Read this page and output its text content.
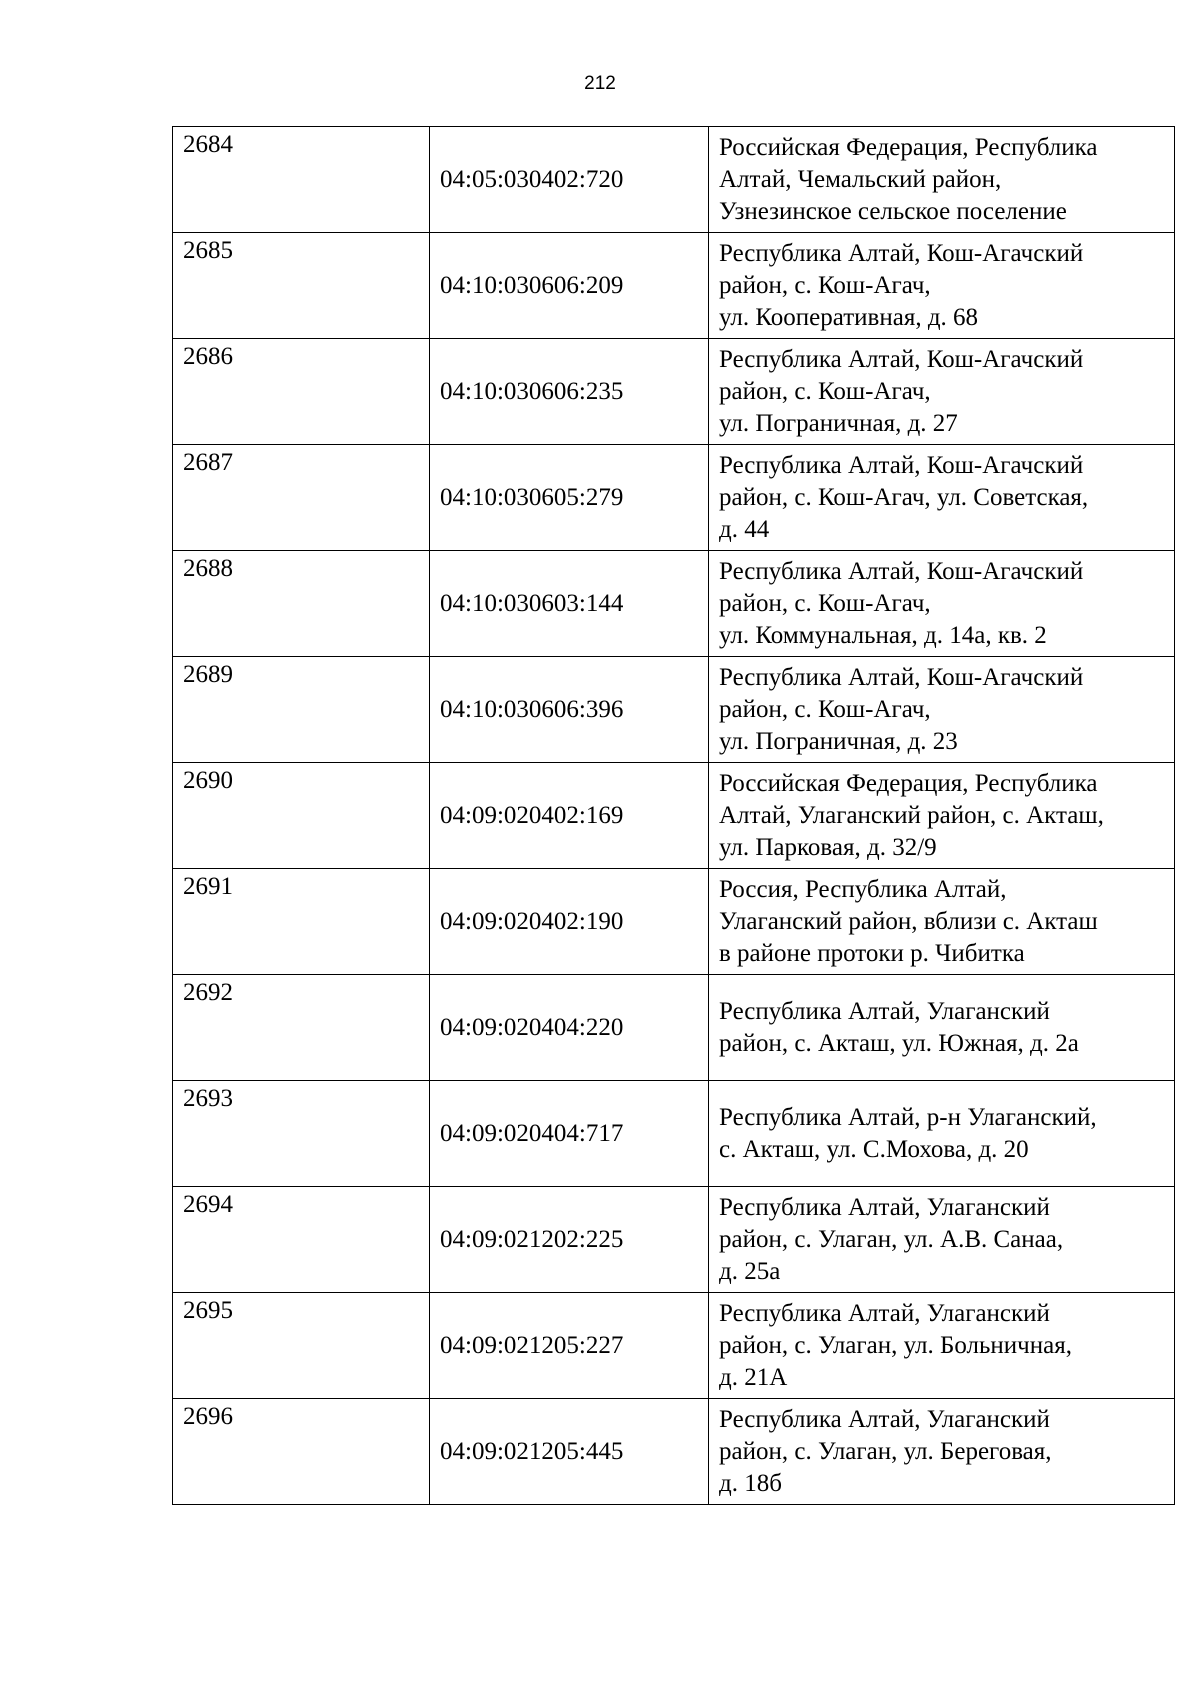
212
2684	04:05:030402:720	Российская Федерация, Республика
Алтай, Чемальский район,
Узнезинское сельское поселение

2685	04:10:030606:209	Республика Алтай, Кош-Агачский
район, с. Кош-Агач,
ул. Кооперативная, д. 68

2686	04:10:030606:235	Республика Алтай, Кош-Агачский
район, с. Кош-Агач,
ул. Пограничная, д. 27

2687	04:10:030605:279	Республика Алтай, Кош-Агачский
район, с. Кош-Агач, ул. Советская,
д. 44

2688	04:10:030603:144	Республика Алтай, Кош-Агачский
район, с. Кош-Агач,
ул. Коммунальная, д. 14а, кв. 2

2689	04:10:030606:396	Республика Алтай, Кош-Агачский
район, с. Кош-Агач,
ул. Пограничная, д. 23

2690	04:09:020402:169	Российская Федерация, Республика
Алтай, Улаганский район, с. Акташ,
ул. Парковая, д. 32/9

2691	04:09:020402:190	Россия, Республика Алтай,
Улаганский район, вблизи с. Акташ
в районе протоки р. Чибитка

2692	04:09:020404:220	Республика Алтай, Улаганский
район, с. Акташ, ул. Южная, д. 2а

2693	04:09:020404:717	Республика Алтай, р-н Улаганский,
с. Акташ, ул. С.Мохова, д. 20

2694	04:09:021202:225	Республика Алтай, Улаганский
район, с. Улаган, ул. А.В. Санаа,
д. 25а

2695	04:09:021205:227	Республика Алтай, Улаганский
район, с. Улаган, ул. Больничная,
д. 21А

2696	04:09:021205:445	Республика Алтай, Улаганский
район, с. Улаган, ул. Береговая,
д. 18б
